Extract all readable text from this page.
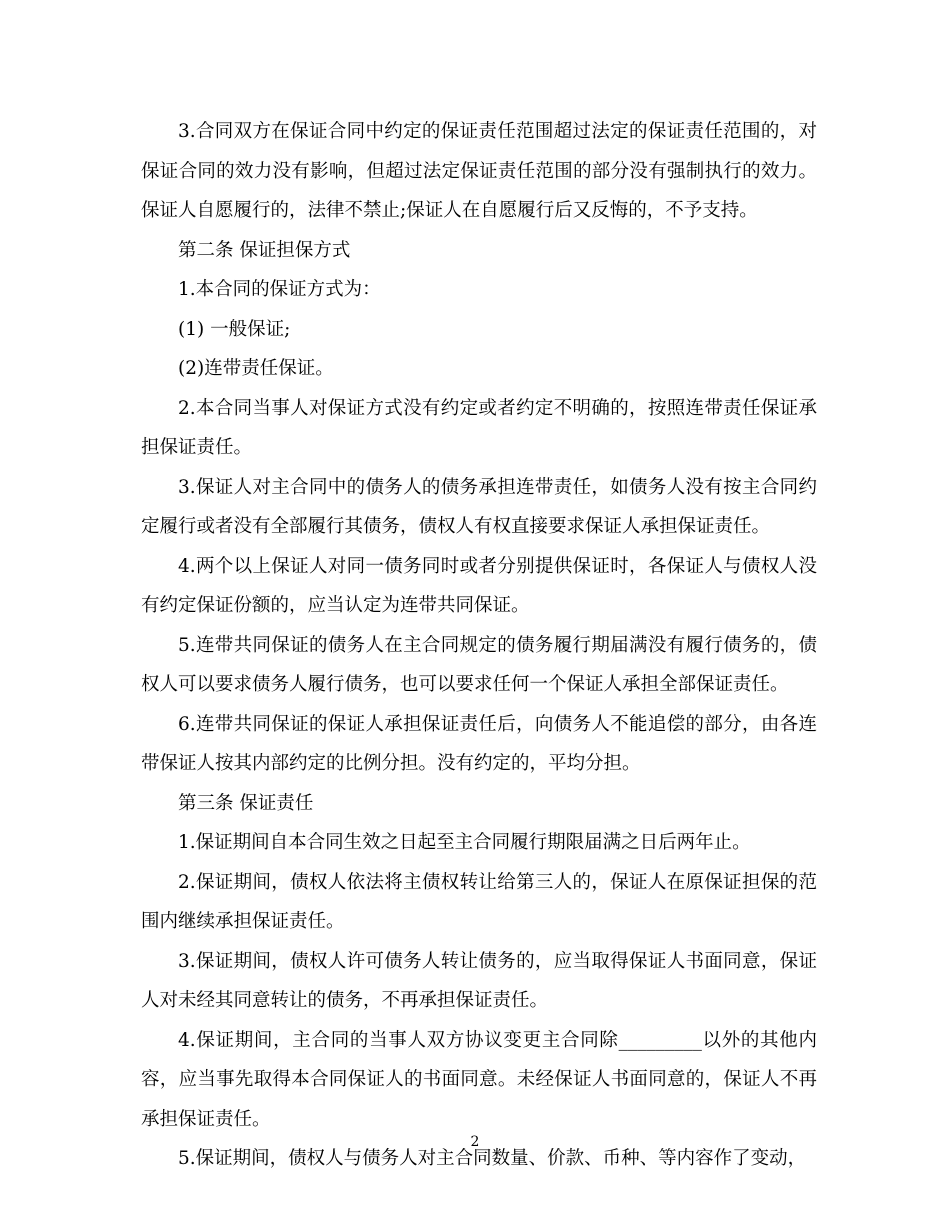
3.合同双方在保证合同中约定的保证责任范围超过法定的保证责任范围的，对保证合同的效力没有影响，但超过法定保证责任范围的部分没有强制执行的效力。保证人自愿履行的，法律不禁止;保证人在自愿履行后又反悔的，不予支持。

第二条 保证担保方式

1.本合同的保证方式为：

(1) 一般保证;

(2)连带责任保证。

2.本合同当事人对保证方式没有约定或者约定不明确的，按照连带责任保证承担保证责任。

3.保证人对主合同中的债务人的债务承担连带责任，如债务人没有按主合同约定履行或者没有全部履行其债务，债权人有权直接要求保证人承担保证责任。

4.两个以上保证人对同一债务同时或者分别提供保证时，各保证人与债权人没有约定保证份额的，应当认定为连带共同保证。

5.连带共同保证的债务人在主合同规定的债务履行期届满没有履行债务的，债权人可以要求债务人履行债务，也可以要求任何一个保证人承担全部保证责任。

6.连带共同保证的保证人承担保证责任后，向债务人不能追偿的部分，由各连带保证人按其内部约定的比例分担。没有约定的，平均分担。

第三条 保证责任

1.保证期间自本合同生效之日起至主合同履行期限届满之日后两年止。

2.保证期间，债权人依法将主债权转让给第三人的，保证人在原保证担保的范围内继续承担保证责任。

3.保证期间，债权人许可债务人转让债务的，应当取得保证人书面同意，保证人对未经其同意转让的债务，不再承担保证责任。

4.保证期间，主合同的当事人双方协议变更主合同除_________以外的其他内容，应当事先取得本合同保证人的书面同意。未经保证人书面同意的，保证人不再承担保证责任。

5.保证期间，债权人与债务人对主合同数量、价款、币种、等内容作了变动，

2
